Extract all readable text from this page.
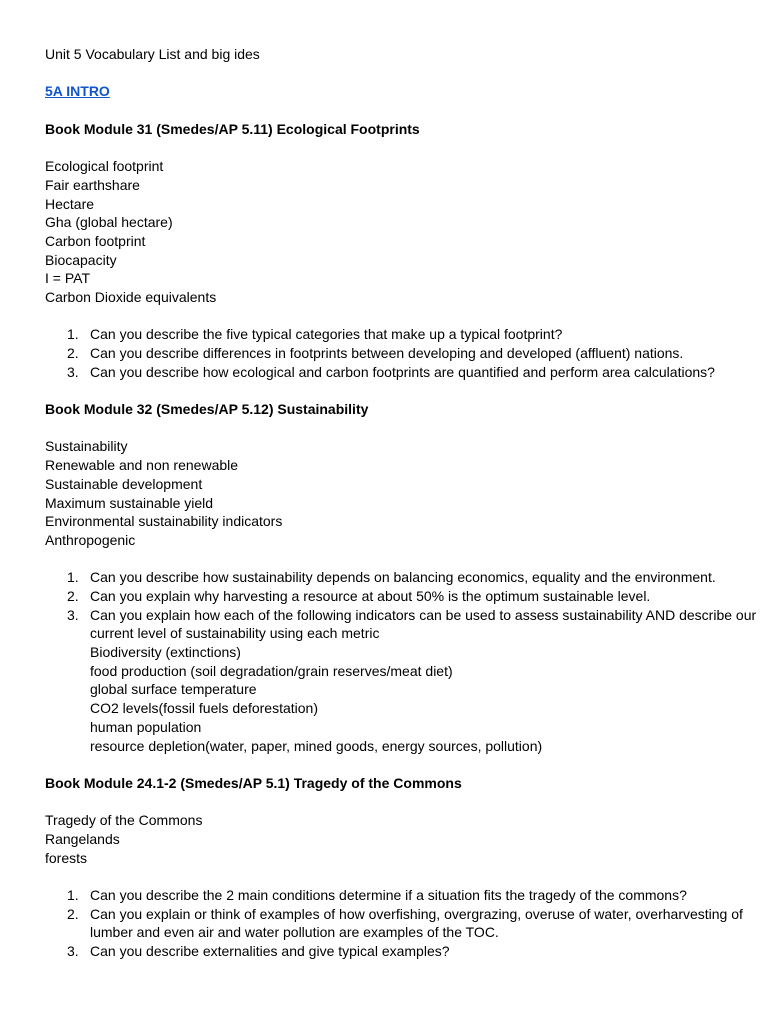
Unit 5 Vocabulary List and big ides
5A INTRO
Book Module 31 (Smedes/AP 5.11) Ecological Footprints
Ecological footprint
Fair earthshare
Hectare
Gha (global hectare)
Carbon footprint
Biocapacity
I = PAT
Carbon Dioxide equivalents
1. Can you describe the five typical categories that make up a typical footprint?
2. Can you describe differences in footprints between developing and developed (affluent) nations.
3. Can you describe how ecological and carbon footprints are quantified and perform area calculations?
Book Module 32 (Smedes/AP 5.12) Sustainability
Sustainability
Renewable and non renewable
Sustainable development
Maximum sustainable yield
Environmental sustainability indicators
Anthropogenic
1. Can you describe how sustainability depends on balancing economics, equality and the environment.
2. Can you explain why harvesting a resource at about 50% is the optimum sustainable level.
3. Can you explain how each of the following indicators can be used to assess sustainability AND describe our current level of sustainability using each metric
Biodiversity (extinctions)
food production (soil degradation/grain reserves/meat diet)
global surface temperature
CO2 levels(fossil fuels deforestation)
human population
resource depletion(water, paper, mined goods, energy sources, pollution)
Book Module 24.1-2 (Smedes/AP 5.1) Tragedy of the Commons
Tragedy of the Commons
Rangelands
forests
1. Can you describe the 2 main conditions determine if a situation fits the tragedy of the commons?
2. Can you explain or think of examples of how overfishing, overgrazing, overuse of water, overharvesting of lumber and even air and water pollution are examples of the TOC.
3. Can you describe externalities and give typical examples?
